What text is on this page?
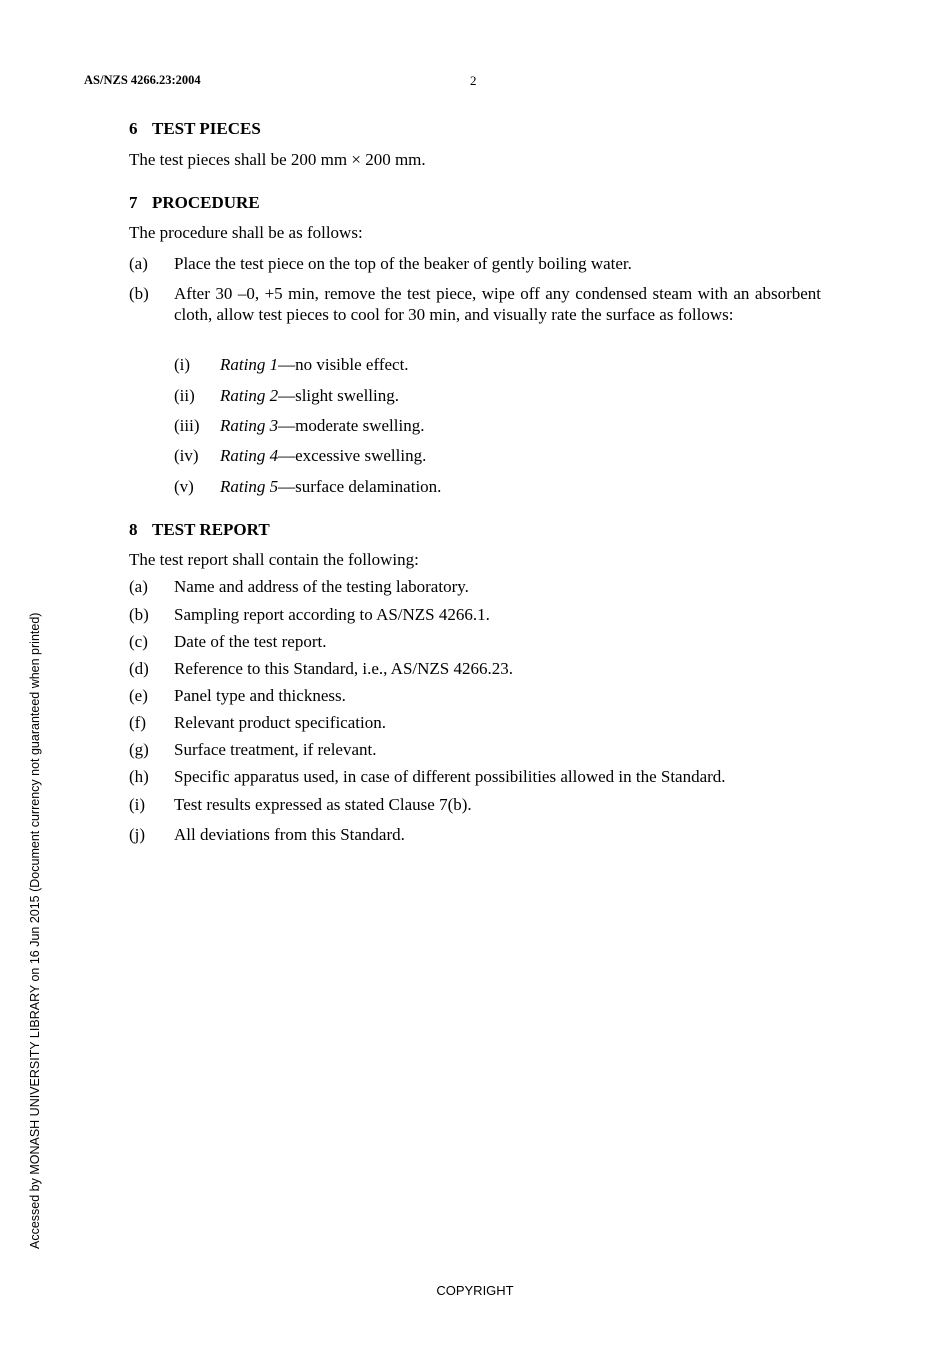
AS/NZS 4266.23:2004	2
6 TEST PIECES
The test pieces shall be 200 mm × 200 mm.
7 PROCEDURE
The procedure shall be as follows:
(a) Place the test piece on the top of the beaker of gently boiling water.
(b) After 30 –0, +5 min, remove the test piece, wipe off any condensed steam with an absorbent cloth, allow test pieces to cool for 30 min, and visually rate the surface as follows:
(i) Rating 1—no visible effect.
(ii) Rating 2—slight swelling.
(iii) Rating 3—moderate swelling.
(iv) Rating 4—excessive swelling.
(v) Rating 5—surface delamination.
8 TEST REPORT
The test report shall contain the following:
(a) Name and address of the testing laboratory.
(b) Sampling report according to AS/NZS 4266.1.
(c) Date of the test report.
(d) Reference to this Standard, i.e., AS/NZS 4266.23.
(e) Panel type and thickness.
(f) Relevant product specification.
(g) Surface treatment, if relevant.
(h) Specific apparatus used, in case of different possibilities allowed in the Standard.
(i) Test results expressed as stated Clause 7(b).
(j) All deviations from this Standard.
Accessed by MONASH UNIVERSITY LIBRARY on 16 Jun 2015 (Document currency not guaranteed when printed)
COPYRIGHT
